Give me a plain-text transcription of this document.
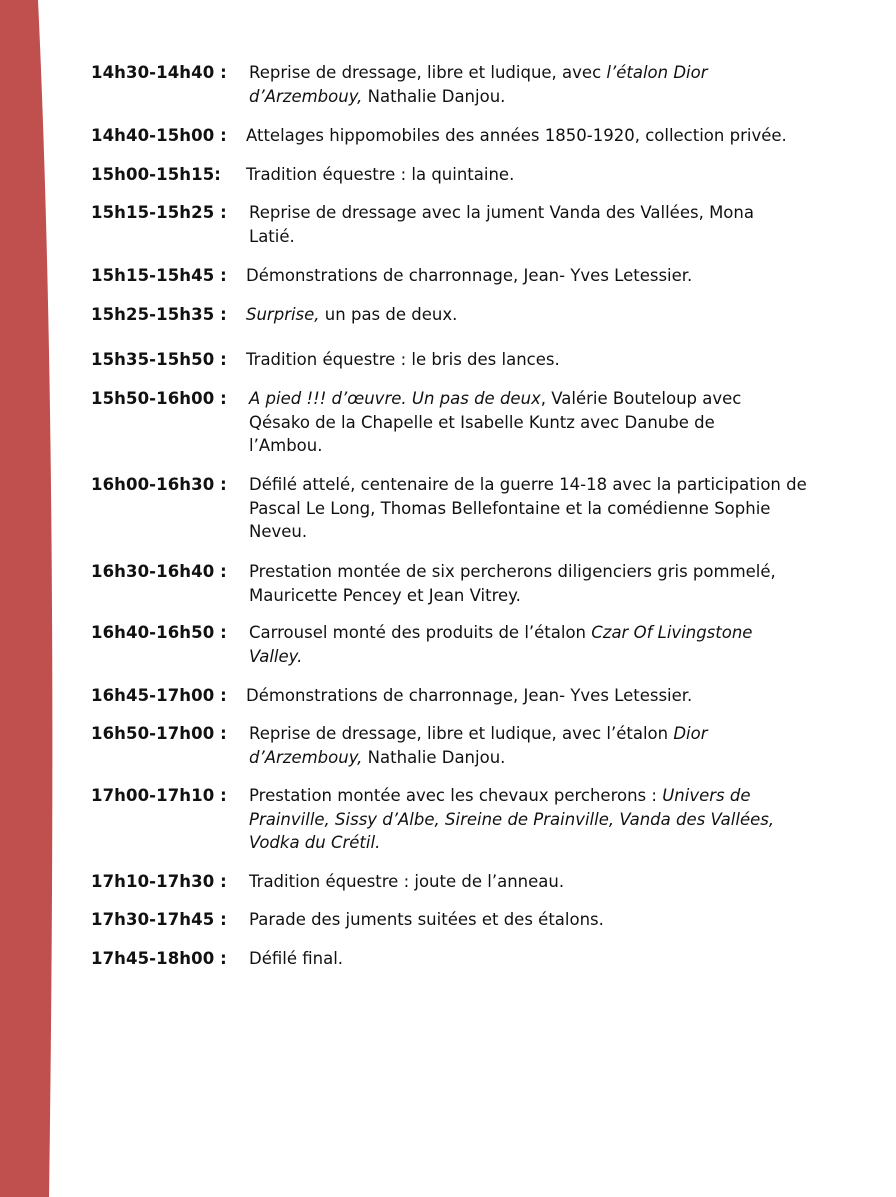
14h30-14h40 : Reprise de dressage, libre et ludique, avec l’étalon Dior d’Arzembouy, Nathalie Danjou.
14h40-15h00 : Attelages hippomobiles des années 1850-1920, collection privée.
15h00-15h15: Tradition équestre : la quintaine.
15h15-15h25 : Reprise de dressage avec la jument Vanda des Vallées, Mona Latié.
15h15-15h45 : Démonstrations de charronnage, Jean- Yves Letessier.
15h25-15h35 : Surprise, un pas de deux.
15h35-15h50 : Tradition équestre : le bris des lances.
15h50-16h00 : A pied !!! d’œuvre. Un pas de deux, Valérie Bouteloup avec Qésako de la Chapelle et Isabelle Kuntz avec Danube de l’Ambou.
16h00-16h30 : Défilé attelé, centenaire de la guerre 14-18 avec la participation de Pascal Le Long, Thomas Bellefontaine et la comédienne Sophie Neveu.
16h30-16h40 : Prestation montée de six percherons diligenciers gris pommelé, Mauricette Pencey et Jean Vitrey.
16h40-16h50 : Carrousel monté des produits de l’étalon Czar Of Livingstone Valley.
16h45-17h00 : Démonstrations de charronnage, Jean- Yves Letessier.
16h50-17h00 : Reprise de dressage, libre et ludique, avec l’étalon Dior d’Arzembouy, Nathalie Danjou.
17h00-17h10 : Prestation montée avec les chevaux percherons : Univers de Prainville, Sissy d’Albe, Sireine de Prainville, Vanda des Vallées, Vodka du Crétil.
17h10-17h30 : Tradition équestre : joute de l’anneau.
17h30-17h45 : Parade des juments suitées et des étalons.
17h45-18h00 : Défilé final.
